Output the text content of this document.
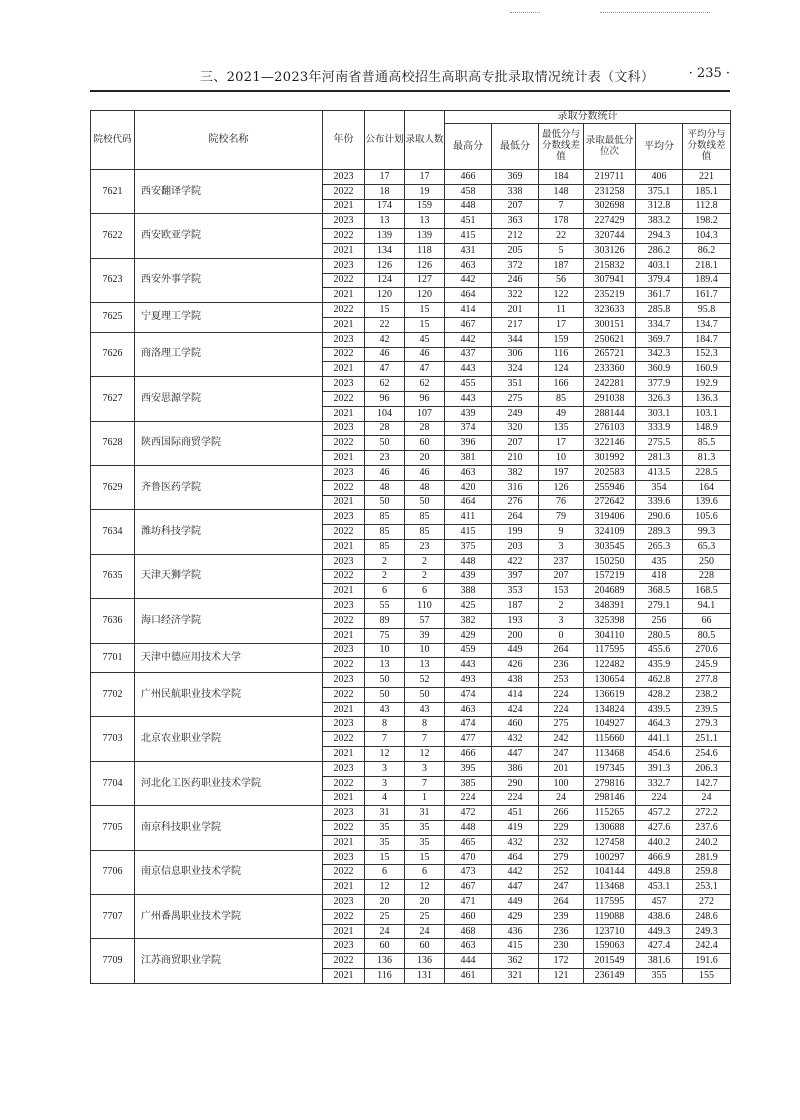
三、2021—2023年河南省普通高校招生高职高专批录取情况统计表（文科）	· 235 ·
院校代码	院校名称	年份	公布计划	录取人数	录取分数统计					
					最高分	最低分	最低分与分数线差值	录取最低分位次	平均分	平均分与分数线差值
7621	西安翻译学院	2023	17	17	466	369	184	219711	406	221
		2022	18	19	458	338	148	231258	375.1	185.1
		2021	174	159	448	207	7	302698	312.8	112.8
7622	西安欧亚学院	2023	13	13	451	363	178	227429	383.2	198.2
		2022	139	139	415	212	22	320744	294.3	104.3
		2021	134	118	431	205	5	303126	286.2	86.2
7623	西安外事学院	2023	126	126	463	372	187	215832	403.1	218.1
		2022	124	127	442	246	56	307941	379.4	189.4
		2021	120	120	464	322	122	235219	361.7	161.7
7625	宁夏理工学院	2022	15	15	414	201	11	323633	285.8	95.8
		2021	22	15	467	217	17	300151	334.7	134.7
7626	商洛理工学院	2023	42	45	442	344	159	250621	369.7	184.7
		2022	46	46	437	306	116	265721	342.3	152.3
		2021	47	47	443	324	124	233360	360.9	160.9
7627	西安思源学院	2023	62	62	455	351	166	242281	377.9	192.9
		2022	96	96	443	275	85	291038	326.3	136.3
		2021	104	107	439	249	49	288144	303.1	103.1
7628	陕西国际商贸学院	2023	28	28	374	320	135	276103	333.9	148.9
		2022	50	60	396	207	17	322146	275.5	85.5
		2021	23	20	381	210	10	301992	281.3	81.3
7629	齐鲁医药学院	2023	46	46	463	382	197	202583	413.5	228.5
		2022	48	48	420	316	126	255946	354	164
		2021	50	50	464	276	76	272642	339.6	139.6
7634	潍坊科技学院	2023	85	85	411	264	79	319406	290.6	105.6
		2022	85	85	415	199	9	324109	289.3	99.3
		2021	85	23	375	203	3	303545	265.3	65.3
7635	天津天狮学院	2023	2	2	448	422	237	150250	435	250
		2022	2	2	439	397	207	157219	418	228
		2021	6	6	388	353	153	204689	368.5	168.5
7636	海口经济学院	2023	55	110	425	187	2	348391	279.1	94.1
		2022	89	57	382	193	3	325398	256	66
		2021	75	39	429	200	0	304110	280.5	80.5
7701	天津中德应用技术大学	2023	10	10	459	449	264	117595	455.6	270.6
		2022	13	13	443	426	236	122482	435.9	245.9
7702	广州民航职业技术学院	2023	50	52	493	438	253	130654	462.8	277.8
		2022	50	50	474	414	224	136619	428.2	238.2
		2021	43	43	463	424	224	134824	439.5	239.5
7703	北京农业职业学院	2023	8	8	474	460	275	104927	464.3	279.3
		2022	7	7	477	432	242	115660	441.1	251.1
		2021	12	12	466	447	247	113468	454.6	254.6
7704	河北化工医药职业技术学院	2023	3	3	395	386	201	197345	391.3	206.3
		2022	3	7	385	290	100	279816	332.7	142.7
		2021	4	1	224	224	24	298146	224	24
7705	南京科技职业学院	2023	31	31	472	451	266	115265	457.2	272.2
		2022	35	35	448	419	229	130688	427.6	237.6
		2021	35	35	465	432	232	127458	440.2	240.2
7706	南京信息职业技术学院	2023	15	15	470	464	279	100297	466.9	281.9
		2022	6	6	473	442	252	104144	449.8	259.8
		2021	12	12	467	447	247	113468	453.1	253.1
7707	广州番禺职业技术学院	2023	20	20	471	449	264	117595	457	272
		2022	25	25	460	429	239	119088	438.6	248.6
		2021	24	24	468	436	236	123710	449.3	249.3
7709	江苏商贸职业学院	2023	60	60	463	415	230	159063	427.4	242.4
		2022	136	136	444	362	172	201549	381.6	191.6
		2021	116	131	461	321	121	236149	355	155
